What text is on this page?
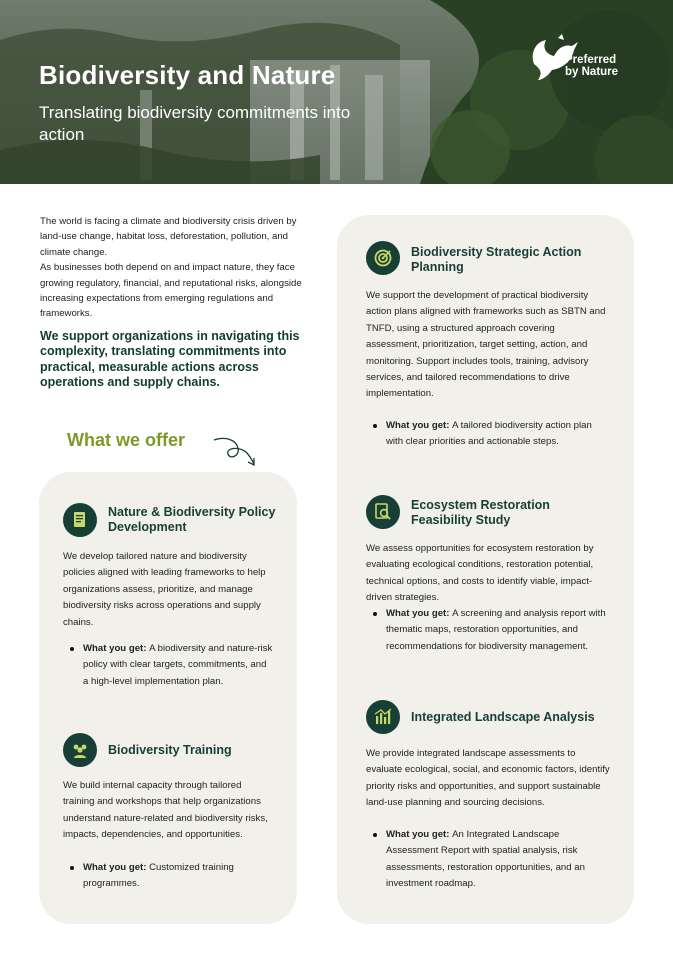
Biodiversity and Nature
Translating biodiversity commitments into action
Preferred
by Nature

The world is facing a climate and biodiversity crisis driven by land-use change, habitat loss, deforestation, pollution, and climate change.

As businesses both depend on and impact nature, they face growing regulatory, financial, and reputational risks, alongside increasing expectations from emerging regulations and frameworks.

We support organizations in navigating this complexity, translating commitments into practical, measurable actions across operations and supply chains.
What we offer
Nature & Biodiversity Policy Development
We develop tailored nature and biodiversity policies aligned with leading frameworks to help organizations assess, prioritize, and manage biodiversity risks across operations and supply chains.
What you get: A biodiversity and nature-risk policy with clear targets, commitments, and a high-level implementation plan.
Biodiversity Training
We build internal capacity through tailored training and workshops that help organizations understand nature-related and biodiversity risks, impacts, dependencies, and opportunities.
What you get: Customized training programmes.
Biodiversity Strategic Action Planning
We support the development of practical biodiversity action plans aligned with frameworks such as SBTN and TNFD, using a structured approach covering assessment, prioritization, target setting, action, and monitoring. Support includes tools, training, advisory services, and tailored recommendations to drive implementation.
What you get: A tailored biodiversity action plan with clear priorities and actionable steps.
Ecosystem Restoration Feasibility Study
We assess opportunities for ecosystem restoration by evaluating ecological conditions, restoration potential, technical options, and costs to identify viable, impact-driven strategies.
What you get: A screening and analysis report with thematic maps, restoration opportunities, and recommendations for biodiversity management.
Integrated Landscape Analysis
We provide integrated landscape assessments to evaluate ecological, social, and economic factors, identify priority risks and opportunities, and support sustainable land-use planning and sourcing decisions.
What you get: An Integrated Landscape Assessment Report with spatial analysis, risk assessments, restoration opportunities, and an investment roadmap.
